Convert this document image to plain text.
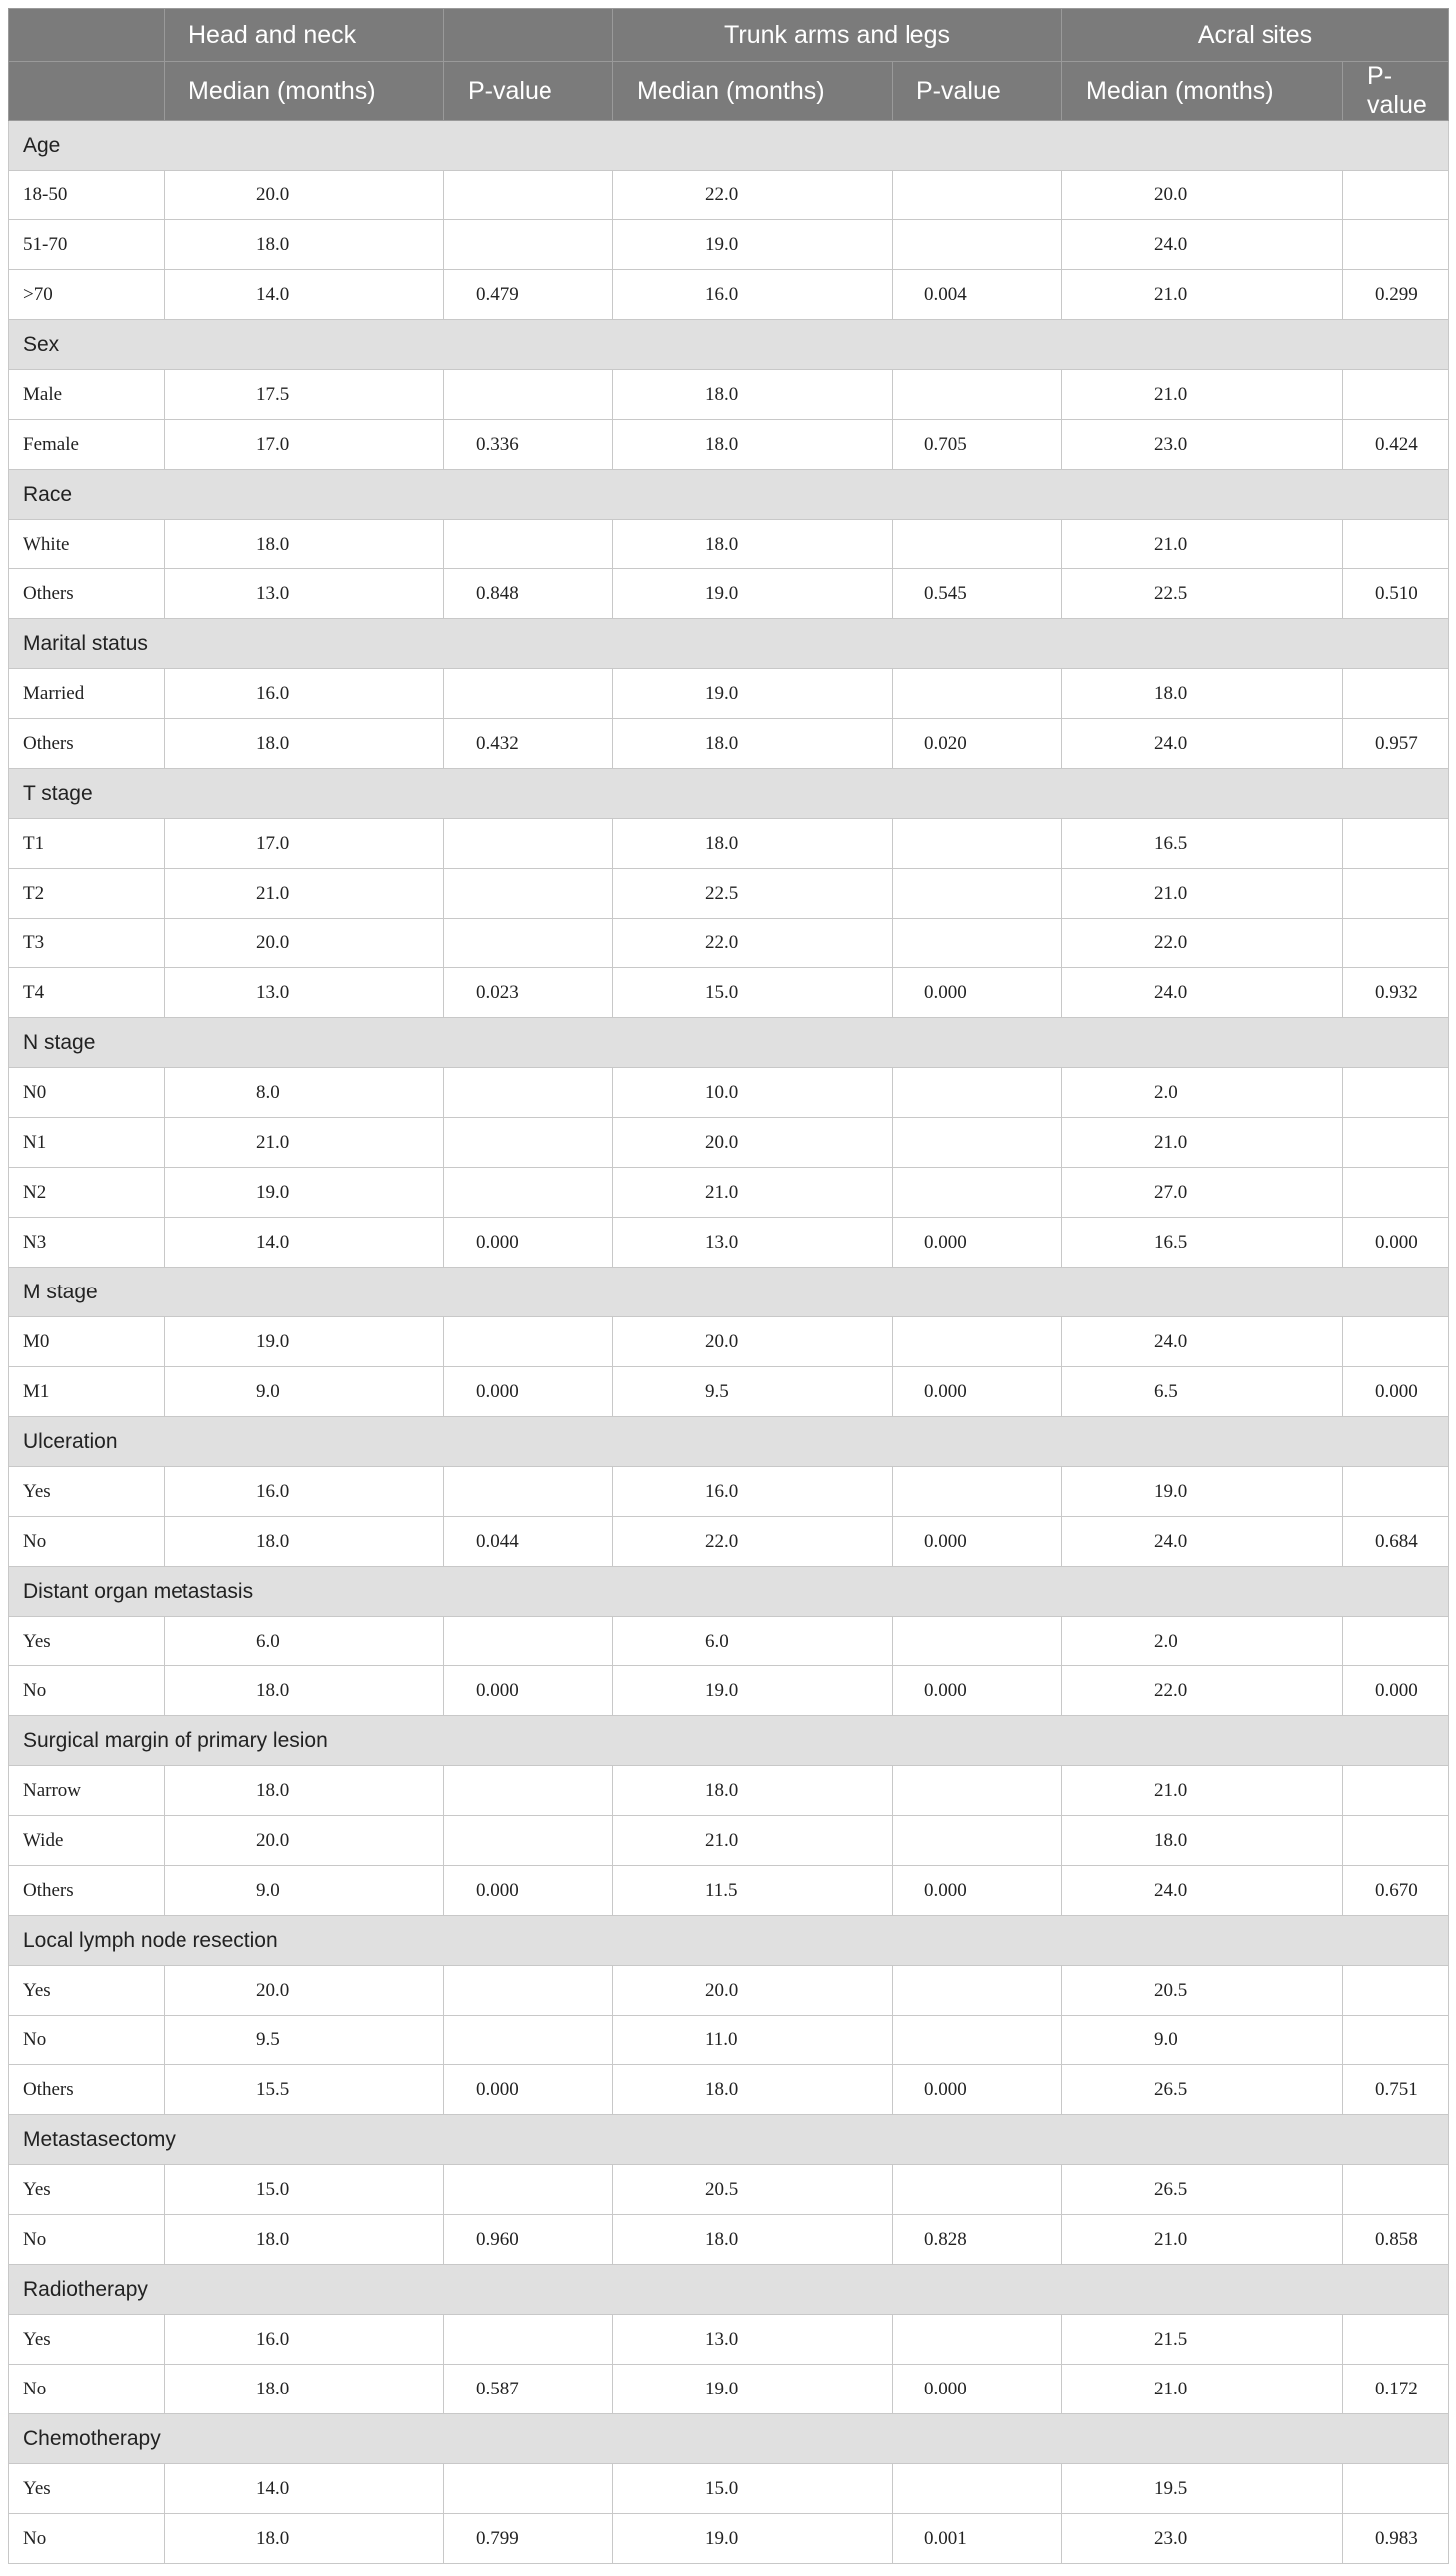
	Head and neck		Trunk arms and legs		Acral sites	
	Median (months)	P-value	Median (months)	P-value	Median (months)	P-value
Age						
18-50	20.0		22.0		20.0	
51-70	18.0		19.0		24.0	
>70	14.0	0.479	16.0	0.004	21.0	0.299
Sex						
Male	17.5		18.0		21.0	
Female	17.0	0.336	18.0	0.705	23.0	0.424
Race						
White	18.0		18.0		21.0	
Others	13.0	0.848	19.0	0.545	22.5	0.510
Marital status						
Married	16.0		19.0		18.0	
Others	18.0	0.432	18.0	0.020	24.0	0.957
T stage						
T1	17.0		18.0		16.5	
T2	21.0		22.5		21.0	
T3	20.0		22.0		22.0	
T4	13.0	0.023	15.0	0.000	24.0	0.932
N stage						
N0	8.0		10.0		2.0	
N1	21.0		20.0		21.0	
N2	19.0		21.0		27.0	
N3	14.0	0.000	13.0	0.000	16.5	0.000
M stage						
M0	19.0		20.0		24.0	
M1	9.0	0.000	9.5	0.000	6.5	0.000
Ulceration						
Yes	16.0		16.0		19.0	
No	18.0	0.044	22.0	0.000	24.0	0.684
Distant organ metastasis						
Yes	6.0		6.0		2.0	
No	18.0	0.000	19.0	0.000	22.0	0.000
Surgical margin of primary lesion						
Narrow	18.0		18.0		21.0	
Wide	20.0		21.0		18.0	
Others	9.0	0.000	11.5	0.000	24.0	0.670
Local lymph node resection						
Yes	20.0		20.0		20.5	
No	9.5		11.0		9.0	
Others	15.5	0.000	18.0	0.000	26.5	0.751
Metastasectomy						
Yes	15.0		20.5		26.5	
No	18.0	0.960	18.0	0.828	21.0	0.858
Radiotherapy						
Yes	16.0		13.0		21.5	
No	18.0	0.587	19.0	0.000	21.0	0.172
Chemotherapy						
Yes	14.0		15.0		19.5	
No	18.0	0.799	19.0	0.001	23.0	0.983
